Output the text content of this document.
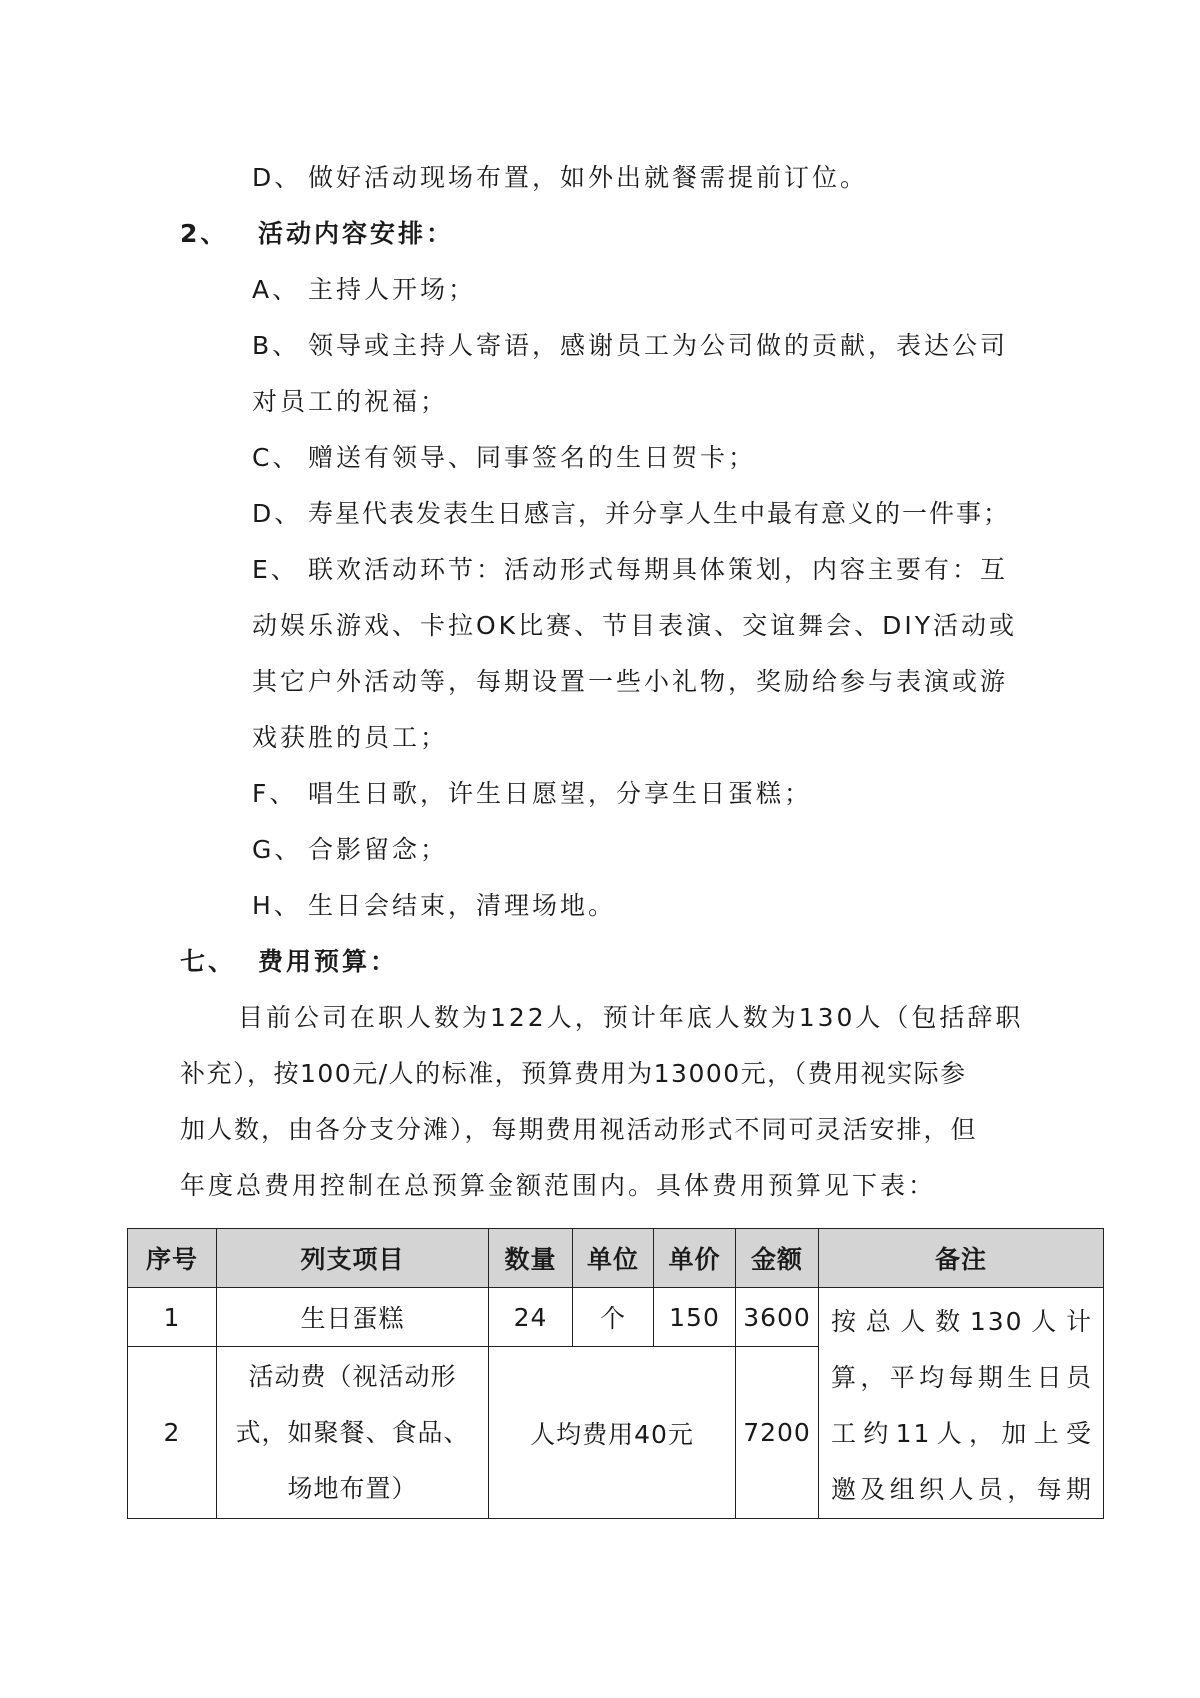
D、 做好活动现场布置，如外出就餐需提前订位。
2、 活动内容安排：
A、 主持人开场；
B、 领导或主持人寄语，感谢员工为公司做的贡献，表达公司
对员工的祝福；
C、 赠送有领导、同事签名的生日贺卡；
D、 寿星代表发表生日感言，并分享人生中最有意义的一件事；
E、 联欢活动环节：活动形式每期具体策划，内容主要有：互
动娱乐游戏、卡拉OK比赛、节目表演、交谊舞会、DIY活动或
其它户外活动等，每期设置一些小礼物，奖励给参与表演或游
戏获胜的员工；
F、 唱生日歌，许生日愿望，分享生日蛋糕；
G、 合影留念；
H、 生日会结束，清理场地。
七、 费用预算：
目前公司在职人数为122人，预计年底人数为130人（包括辞职
补充），按100元/人的标准，预算费用为13000元，（费用视实际参
加人数，由各分支分滩），每期费用视活动形式不同可灵活安排，但
年度总费用控制在总预算金额范围内。具体费用预算见下表：
序号	列支项目	数量	单位	单价	金额	备注
1	生日蛋糕	24	个	150	3600	按总人数130人计
算，平均每期生日员
工约11人，加上受
邀及组织人员，每期

2	活动费（视活动形
式，如聚餐、食品、
场地布置）	人均费用40元			7200	
